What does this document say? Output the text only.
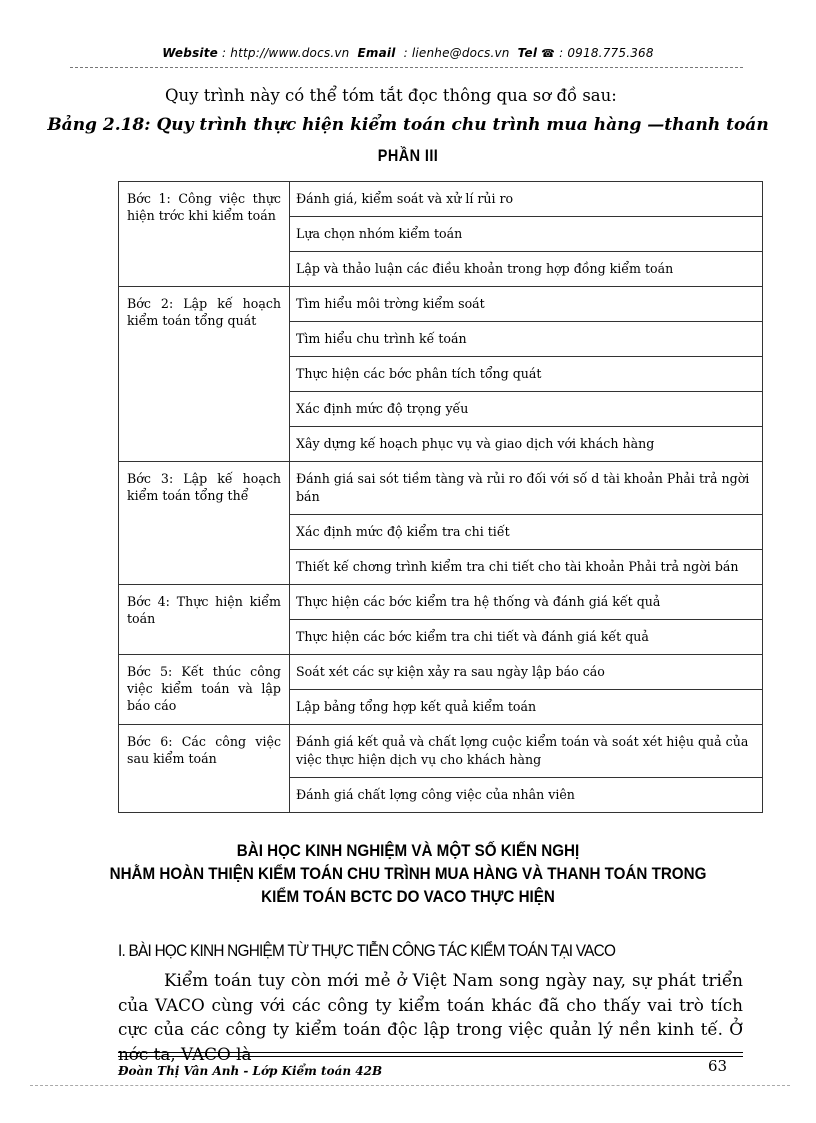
Website : http://www.docs.vn Email : lienhe@docs.vn Tel ☎ : 0918.775.368
Quy trình này có thể tóm tắt đọc thông qua sơ đồ sau:
Bảng 2.18: Quy trình thực hiện kiểm toán chu trình mua hàng —thanh toán
PHẦN III
Bớc 1: Công việc thực hiện trớc khi kiểm toán	Đánh giá, kiểm soát và xử lí rủi ro
	Lựa chọn nhóm kiểm toán
	Lập và thảo luận các điều khoản trong hợp đồng kiểm toán
Bớc 2: Lập kế hoạch kiểm toán tổng quát	Tìm hiểu môi trờng kiểm soát
	Tìm hiểu chu trình kế toán
	Thực hiện các bớc phân tích tổng quát
	Xác định mức độ trọng yếu
	Xây dựng kế hoạch phục vụ và giao dịch với khách hàng
Bớc 3: Lập kế hoạch kiểm toán tổng thể	Đánh giá sai sót tiềm tàng và rủi ro đối với số d tài khoản Phải trả ngời bán
	Xác định mức độ kiểm tra chi tiết
	Thiết kế chơng trình kiểm tra chi tiết cho tài khoản Phải trả ngời bán
Bớc 4: Thực hiện kiểm toán	Thực hiện các bớc kiểm tra hệ thống và đánh giá kết quả
	Thực hiện các bớc kiểm tra chi tiết và đánh giá kết quả
Bớc 5: Kết thúc công việc kiểm toán và lập báo cáo	Soát xét các sự kiện xảy ra sau ngày lập báo cáo
	Lập bảng tổng hợp kết quả kiểm toán
Bớc 6: Các công việc sau kiểm toán	Đánh giá kết quả và chất lợng cuộc kiểm toán và soát xét hiệu quả của việc thực hiện dịch vụ cho khách hàng
	Đánh giá chất lợng công việc của nhân viên
BÀI HỌC KINH NGHIỆM VÀ MỘT SỐ KIẾN NGHỊ
NHẰM HOÀN THIỆN KIỂM TOÁN CHU TRÌNH MUA HÀNG VÀ THANH TOÁN TRONG
KIỂM TOÁN BCTC DO VACO THỰC HIỆN
I. BÀI HỌC KINH NGHIỆM TỪ THỰC TIỄN CÔNG TÁC KIỂM TOÁN TẠI VACO

Kiểm toán tuy còn mới mẻ ở Việt Nam song ngày nay, sự phát triển của VACO cùng với các công ty kiểm toán khác đã cho thấy vai trò tích cực của các công ty kiểm toán độc lập trong việc quản lý nền kinh tế. Ở nớc ta, VACO là

Đoàn Thị Vân Anh - Lớp Kiểm toán 42B	63
